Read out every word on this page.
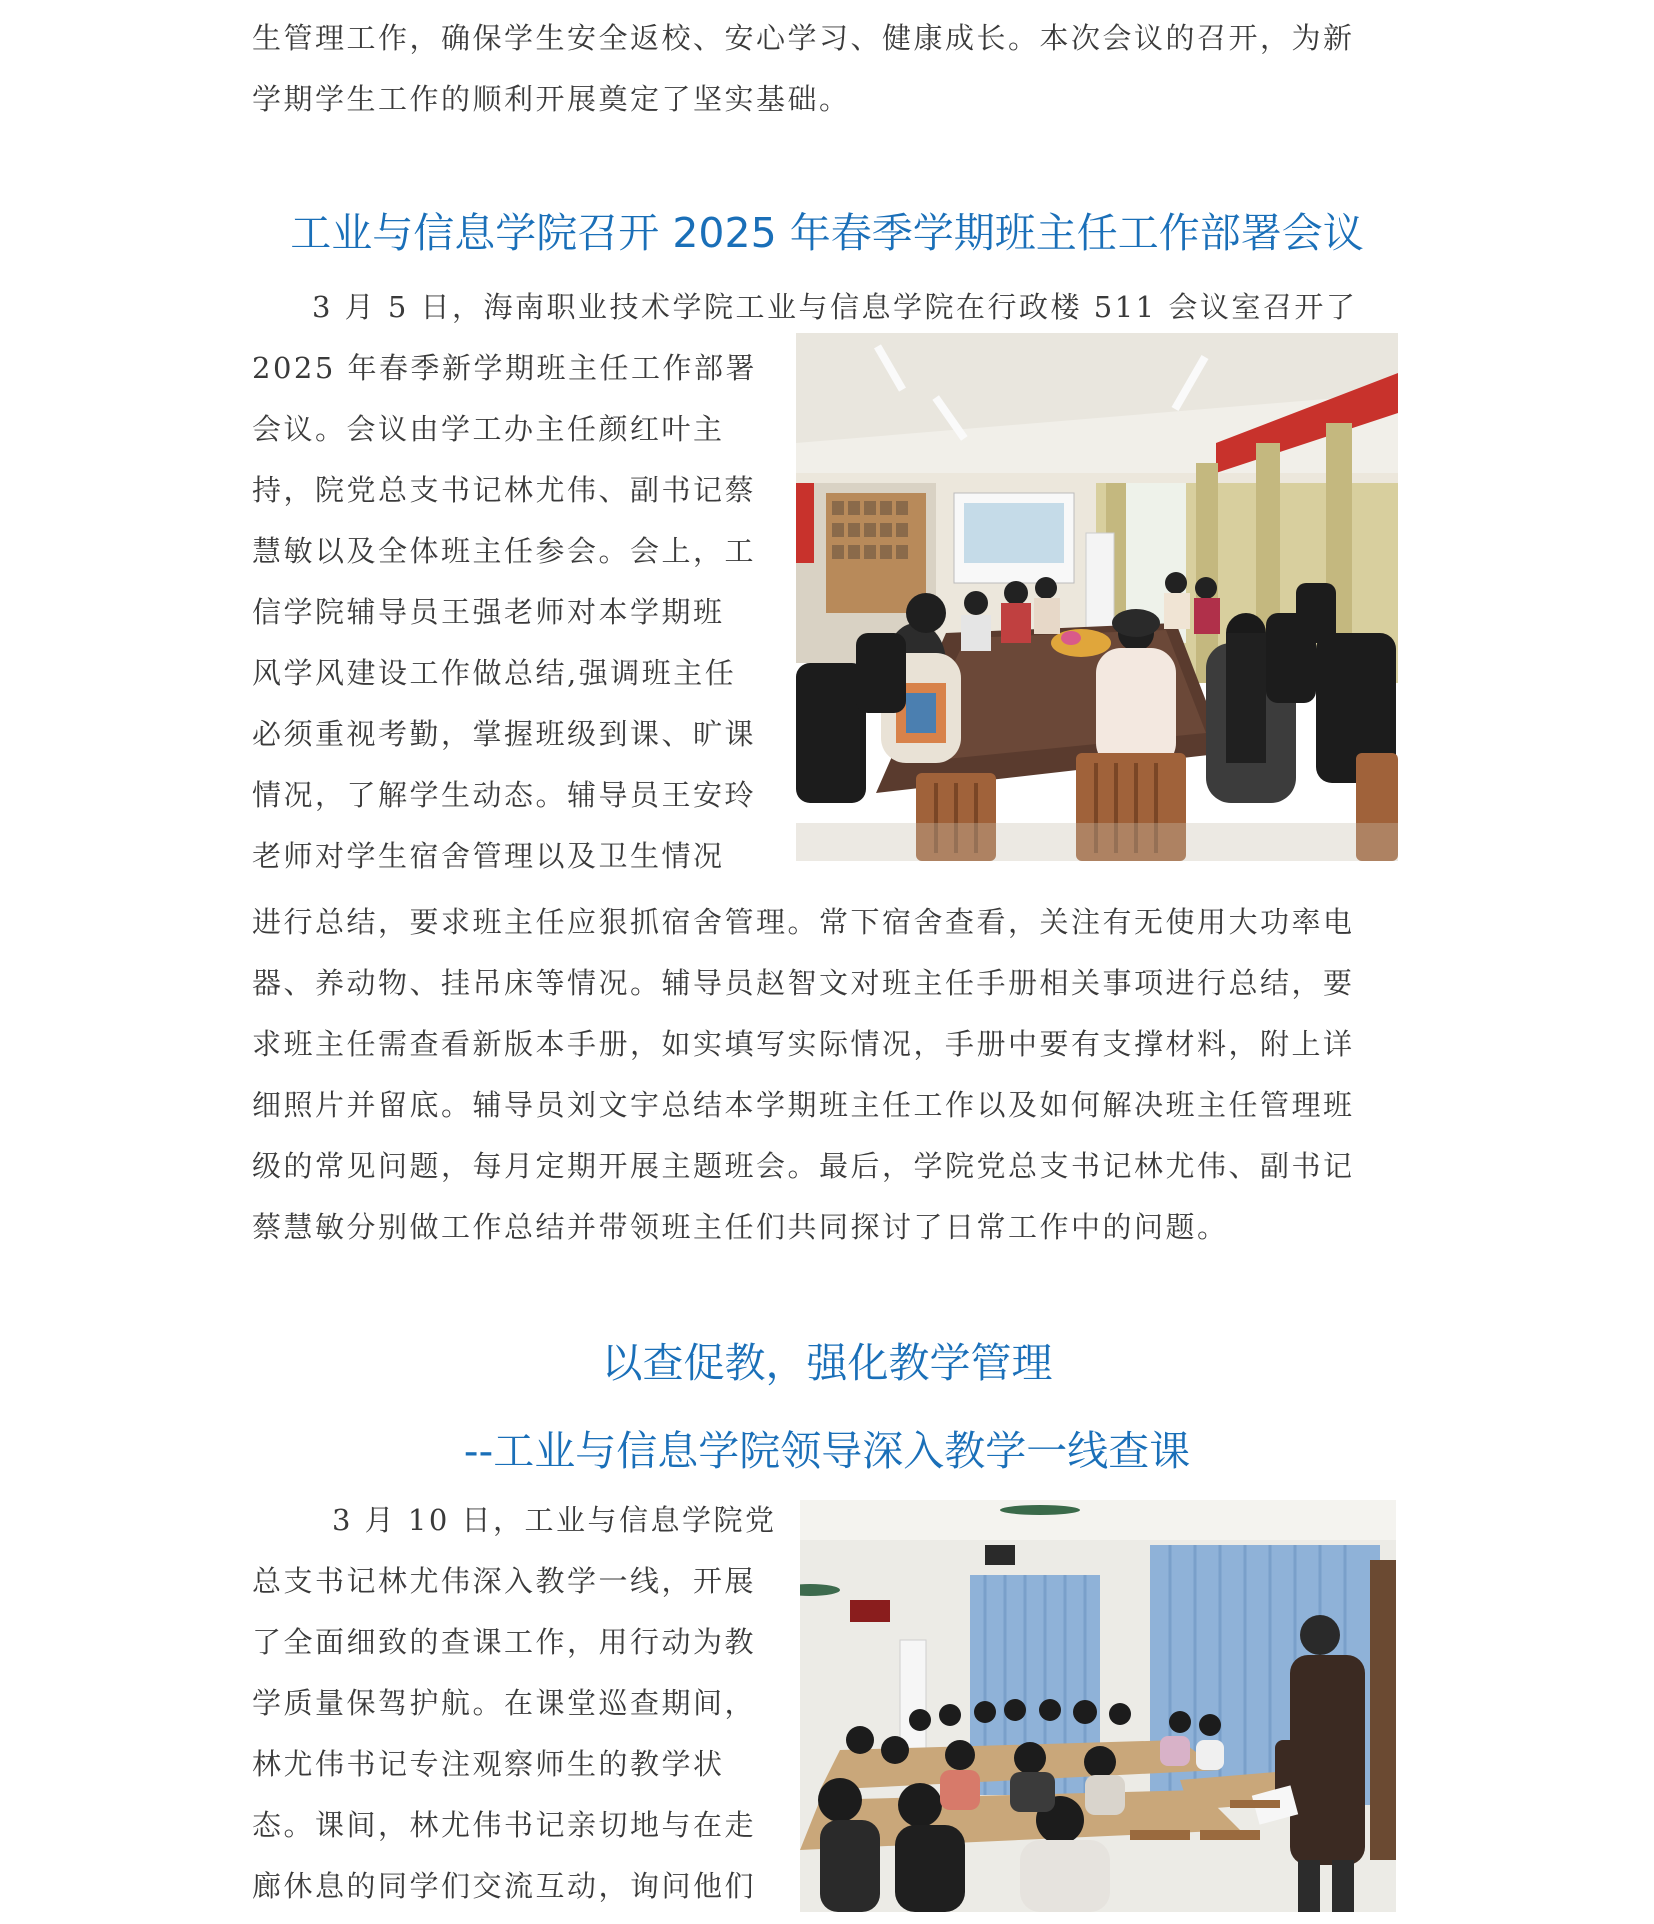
生管理工作，确保学生安全返校、安心学习、健康成长。本次会议的召开，为新

学期学生工作的顺利开展奠定了坚实基础。

工业与信息学院召开 2025 年春季学期班主任工作部署会议

3 月 5 日，海南职业技术学院工业与信息学院在行政楼 511 会议室召开了

2025 年春季新学期班主任工作部署

会议。会议由学工办主任颜红叶主

持，院党总支书记林尤伟、副书记蔡

慧敏以及全体班主任参会。会上，工

信学院辅导员王强老师对本学期班

风学风建设工作做总结,强调班主任

必须重视考勤，掌握班级到课、旷课

情况，了解学生动态。辅导员王安玲

老师对学生宿舍管理以及卫生情况

进行总结，要求班主任应狠抓宿舍管理。常下宿舍查看，关注有无使用大功率电

器、养动物、挂吊床等情况。辅导员赵智文对班主任手册相关事项进行总结，要

求班主任需查看新版本手册，如实填写实际情况，手册中要有支撑材料，附上详

细照片并留底。辅导员刘文宇总结本学期班主任工作以及如何解决班主任管理班

级的常见问题，每月定期开展主题班会。最后，学院党总支书记林尤伟、副书记

蔡慧敏分别做工作总结并带领班主任们共同探讨了日常工作中的问题。

以查促教，强化教学管理
--工业与信息学院领导深入教学一线查课

3 月 10 日，工业与信息学院党

总支书记林尤伟深入教学一线，开展

了全面细致的查课工作，用行动为教

学质量保驾护航。在课堂巡查期间，

林尤伟书记专注观察师生的教学状

态。课间，林尤伟书记亲切地与在走

廊休息的同学们交流互动，询问他们
